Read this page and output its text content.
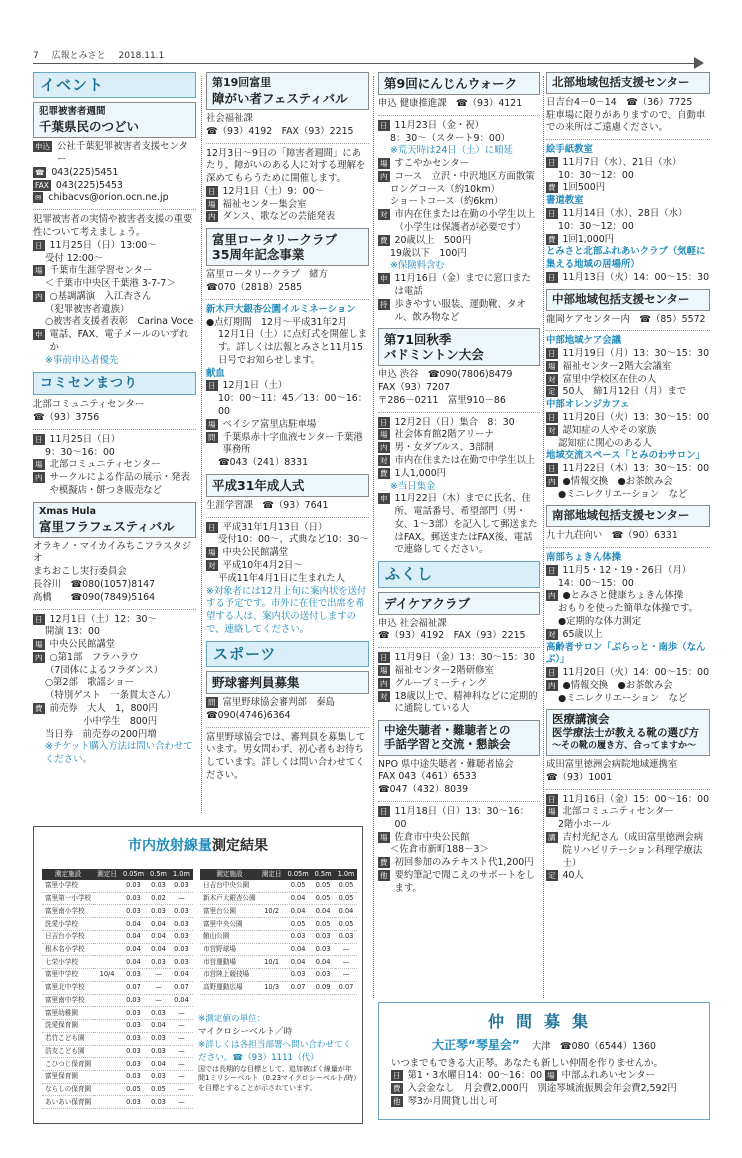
7 広報とみさと 2018.11.1
イベント
犯罪被害者週間
千葉県民のつどい
申込 公社千葉犯罪被害者支援センター
☎ 043(225)5451
FAX 043(225)5453
✉ chibacvs@orion.ocn.ne.jp
犯罪被害者の実情や被害者支援の重要性について考えましょう。
日 11月25日（日）13:00～
受付 12:00～
場 千葉市生涯学習センター
＜千葉市中央区千葉港 3-7-7＞
内 ○基調講演　入江杏さん
（犯罪被害者遺族）
○被害者支援者表彰　Carina Voce
申 電話、FAX、電子メールのいずれか
※事前申込者優先
コミセンまつり
北部コミュニティセンター
☎（93）3756
日 11月25日（日）
9：30～16：00
場 北部コミュニティセンター
内 サークルによる作品の展示・発表や模擬店・餅つき販売など
Xmas Hula
富里フラフェスティバル
オラキノ・マイカイみちこフラスタジオ
まちおこし実行委員会
長谷川　☎080(1057)8147
高橋　　☎090(7849)5164
日 12月1日（土）12：30～
開演 13：00
場 中央公民館講堂
内 ○第1部　フラハラウ
（7団体によるフラダンス）
○第2部　歌謡ショー
（特別ゲスト　一条貫太さん）
費 前売券　大人　1，800円
小中学生　800円
当日券　前売券の200円増
※チケット購入方法は問い合わせてください。
第19回富里
障がい者フェスティバル
社会福祉課
☎（93）4192　 FAX（93）2215
12月3日～9日の「障害者週間」にあたり、障がいのある人に対する理解を深めてもらうために開催します。
日 12月1日（土）9：00～
場 福祉センター集会室
内 ダンス、歌などの芸能発表
富里ロータリークラブ
35周年記念事業
富里ロータリークラブ　緒方
☎070（2818）2585
新木戸大銀杏公園イルミネーション
●点灯期間　12月～平成31年2月
12月1日（土）に点灯式を開催します。詳しくは広報とみさと11月15日号でお知らせします。
献血
日 12月1日（土）
10：00～11：45／13：00～16：00
場 ベイシア富里店駐車場
問 千葉県赤十字血液センター千葉港事務所
☎043（241）8331
平成31年成人式
生涯学習課　☎（93）7641
日 平成31年1月13日（日）
受付10：00～、式典など10：30～
場 中央公民館講堂
対 平成10年4月2日～
平成11年4月1日に生まれた人
※対象者には12月上旬に案内状を送付する予定です。市外に在住で出席を希望する人は、案内状の送付しますので、連絡してください。
スポーツ
野球審判員募集
問 富里野球協会審判部　秦島
☎090(4746)6364
富里野球協会では、審判員を募集しています。男女問わず、初心者もお待ちしています。詳しくは問い合わせてください。
第9回にんじんウォーク
申込 健康推進課　☎（93）4121
日 11月23日（金・祝）
8：30～（スタート9：00）
※荒天時は24日（土）に順延
場 すこやかセンター
内 コース　立沢・中沢地区方面散策
ロングコース（約10km）
ショートコース（約6km）
対 市内在住または在勤の小学生以上（小学生は保護者が必要です）
費 20歳以上　500円
19歳以下　100円
※保険料含む
申 11月16日（金）までに窓口または電話
持 歩きやすい服装、運動靴、タオル、飲み物など
第71回秋季
バドミントン大会
申込 渋谷　☎090(7806)8479
FAX（93）7207
〒286－0211　富里910－86
日 12月2日（日）集合　8：30
場 社会体育館2階アリーナ
内 男・女ダブルス、3部制
対 市内在住または在勤で中学生以上
費 1人1,000円
※当日集金
申 11月22日（木）までに氏名、住所、電話番号、希望部門（男・女、1～3部）を記入して郵送またはFAX。郵送またはFAX後、電話で連絡してください。
ふくし
デイケアクラブ
申込 社会福祉課
☎（93）4192　FAX（93）2215
日 11月9日（金）13：30～15：30
場 福祉センター2階研修室
内 グループミーティング
対 18歳以上で、精神科などに定期的に通院している人
中途失聴者・難聴者との
手話学習と交流・懇談会
NPO 県中途失聴者・難聴者協会
FAX 043（461）6533
☎047（432）8039
日 11月18日（日）13：30～16：00
場 佐倉市中央公民館
＜佐倉市新町188－3＞
費 初回参加のみテキスト代1,200円
他 要約筆記で聞こえのサポートをします。
北部地域包括支援センター
日吉台4－0－14　☎（36）7725　駐車場に限りがありますので、自動車での来所はご遠慮ください。
絵手紙教室
日 11月7日（水）、21日（水）
10：30～12：00
費 1回500円
書道教室
日 11月14日（水）、28日（水）
10：30～12：00
費 1回1,000円
とみさと北部ふれあいクラブ（気軽に集える地域の居場所）
日 11月13日（火）14：00～15：30
中部地域包括支援センター
龍岡ケアセンター内　☎（85）5572
中部地域ケア会議
日 11月19日（月）13：30～15：30
場 福祉センター2階大会議室
対 富里中学校区在住の人
定 50人　締1月12日（月）まで
中部オレンジカフェ
日 11月20日（火）13：30～15：00
対 認知症の人やその家族
認知症に関心のある人
地域交流スペース「とみのわサロン」
日 11月22日（木）13：30～15：00
内 ●情報交換　●お茶飲み会
●ミニレクリエーション　など
南部地域包括支援センター
九十九荘向い　☎（90）6331
南部ちょきん体操
日 11月5・12・19・26日（月）
14：00～15：00
内 ●とみさと健康ちょきん体操
おもりを使った簡単な体操です。
●定期的な体力測定
対 65歳以上
高齢者サロン「ぶらっと・南歩（なんぶ）」
日 11月20日（火）14：00～15：00
内 ●情報交換　●お茶飲み会
●ミニレクリエーション　など
医療講演会
医学療法士が教える靴の選び方
～その靴の履き方、合ってますか～
成田富里徳洲会病院地域連携室
☎（93）1001
日 11月16日（金）15：00～16：00
場 北部コミュニティセンター
2階小ホール
講 吉村光紀さん（成田富里徳洲会病院リハビリテーション科理学療法士）
定 40人
市内放射線量測定結果
測定施設	測定日	0.05m	0.5m	1.0m
富里小学校		0.03	0.03	0.03
富里第一小学校		0.03	0.02	—
富里南小学校		0.03	0.03	0.03
洗愛小学校		0.04	0.04	0.03
日吉台小学校		0.04	0.04	0.03
根木名小学校		0.04	0.04	0.03
七栄小学校		0.04	0.03	0.03
富里中学校	10/4	0.03	—	0.04
富里北中学校		0.07	—	0.07
富里南中学校		0.03	—	0.04
富里幼稚園		0.03	0.03	—
洗愛保育園		0.03	0.04	—
若竹こども園		0.03	0.03	—
浩友こども園		0.03	0.03	—
こひつじ保育園		0.03	0.04	—
富里保育園		0.03	0.03	—
ならしの保育園		0.05	0.05	—
あいあい保育園		0.03	0.03	—
測定施設	測定日	0.05m	0.5m	1.0m
日吉台中央公園		0.05	0.05	0.05
新木戸大銀杏公園		0.04	0.05	0.05
富里台公園	10/2	0.04	0.04	0.04
富里中央公園		0.05	0.05	0.05
館山公園		0.03	0.03	0.03
市営野球場		0.04	0.03	—
市営運動場	10/1	0.04	0.04	—
市営陸上競技場		0.03	0.03	—
高野運動広場	10/3	0.07	0.09	0.07
※測定値の単位：
マイクロシーベルト／時
※詳しくは各担当部署へ問い合わせてください。☎（93）1111（代）
国では長期的な目標として、追加被ばく線量が年間1ミリシーベルト（0.23マイクロシーベルト/時）を目標とすることが示されています。
仲間募集
大正琴“琴星会” 大津　☎080（6544）1360
いつまでもできる大正琴。あなたも新しい仲間を作りませんか。
日 第1・3水曜日14：00～16：00 場 中部ふれあいセンター
費 入会金なし　月会費2,000円　別途琴城流振興会年会費2,592円
他 琴3か月間貸し出し可
